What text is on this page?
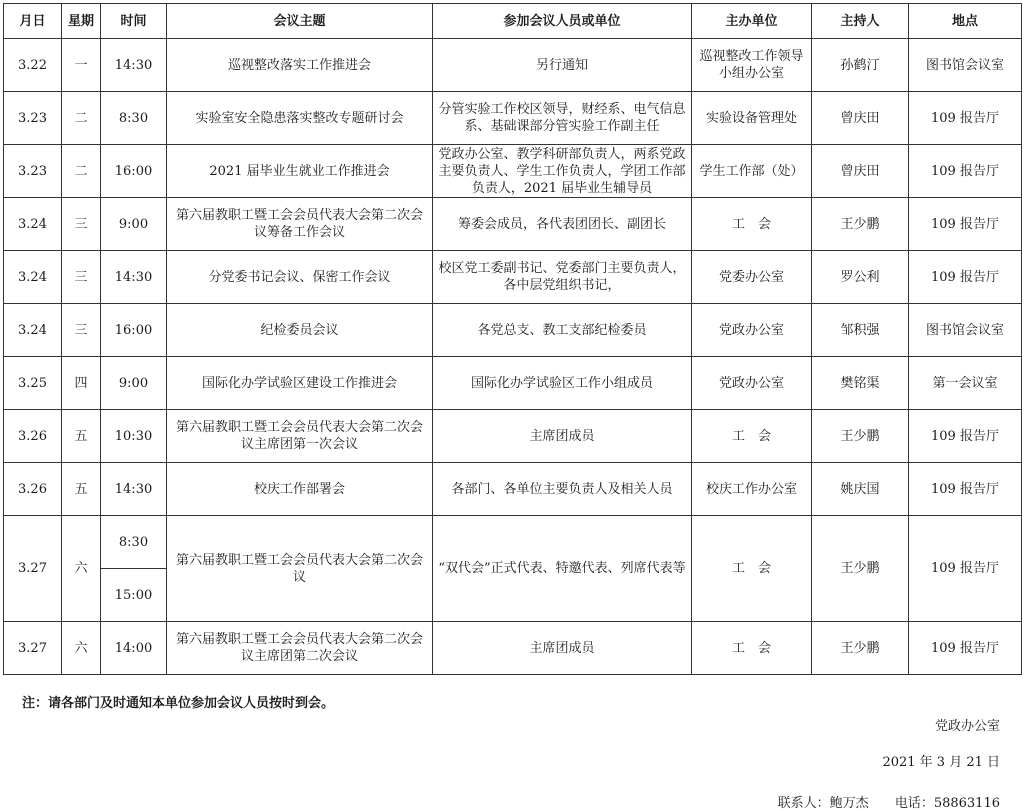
月日	星期	时间	会议主题	参加会议人员或单位	主办单位	主持人	地点
3.22	一	14:30	巡视整改落实工作推进会	另行通知	巡视整改工作领导小组办公室	孙鹤汀	图书馆会议室
3.23	二	8:30	实验室安全隐患落实整改专题研讨会	分管实验工作校区领导，财经系、电气信息系、基础课部分管实验工作副主任	实验设备管理处	曾庆田	109 报告厅
3.23	二	16:00	2021 届毕业生就业工作推进会	党政办公室、教学科研部负责人，两系党政主要负责人、学生工作负责人，学团工作部负责人，2021 届毕业生辅导员	学生工作部（处）	曾庆田	109 报告厅
3.24	三	9:00	第六届教职工暨工会会员代表大会第二次会议筹备工作会议	筹委会成员，各代表团团长、副团长	工　会	王少鹏	109 报告厅
3.24	三	14:30	分党委书记会议、保密工作会议	校区党工委副书记、党委部门主要负责人，各中层党组织书记，	党委办公室	罗公利	109 报告厅
3.24	三	16:00	纪检委员会议	各党总支、教工支部纪检委员	党政办公室	邹积强	图书馆会议室
3.25	四	9:00	国际化办学试验区建设工作推进会	国际化办学试验区工作小组成员	党政办公室	樊铭渠	第一会议室
3.26	五	10:30	第六届教职工暨工会会员代表大会第二次会议主席团第一次会议	主席团成员	工　会	王少鹏	109 报告厅
3.26	五	14:30	校庆工作部署会	各部门、各单位主要负责人及相关人员	校庆工作办公室	姚庆国	109 报告厅
3.27	六	8:30	第六届教职工暨工会会员代表大会第二次会议	“双代会”正式代表、特邀代表、列席代表等	工　会	王少鹏	109 报告厅
		15:00					
3.27	六	14:00	第六届教职工暨工会会员代表大会第二次会议主席团第二次会议	主席团成员	工　会	王少鹏	109 报告厅
注：请各部门及时通知本单位参加会议人员按时到会。
党政办公室
2021 年 3 月 21 日
联系人：鲍万杰 电话：58863116
